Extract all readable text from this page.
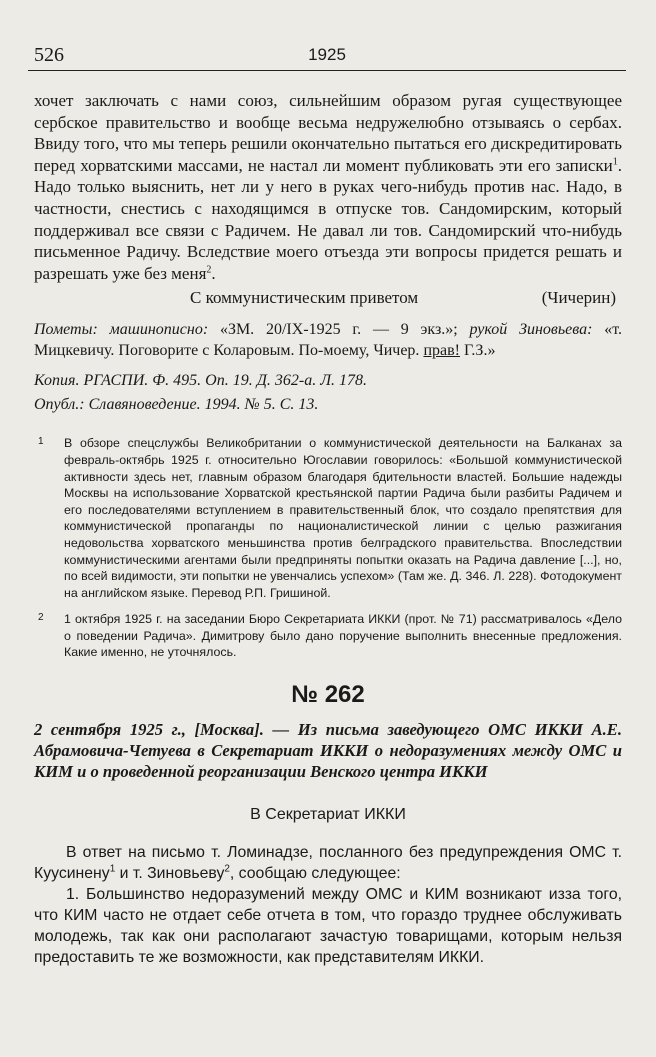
526	1925

хочет заключать с нами союз, сильнейшим образом ругая существующее сербское правительство и вообще весьма недружелюбно отзываясь о сербах. Ввиду того, что мы теперь решили окончательно пытаться его дискредитировать перед хорватскими массами, не настал ли момент публиковать эти его записки$^1$. Надо только выяснить, нет ли у него в руках чего-нибудь против нас. Надо, в частности, снестись с находящимся в отпуске тов. Сандомирским, который поддерживал все связи с Радичем. Не давал ли тов. Сандомирский что-нибудь письменное Радичу. Вследствие моего отъезда эти вопросы придется решать и разрешать уже без меня$^2$.

С коммунистическим приветом	(Чичерин)

Пометы: машинописно: «ЗМ. 20/IX-1925 г. — 9 экз.»; рукой Зиновьева: «т. Мицкевичу. Поговорите с Коларовым. По-моему, Чичер. прав! Г.З.»

Копия. РГАСПИ. Ф. 495. Оп. 19. Д. 362-а. Л. 178.

Опубл.: Славяноведение. 1994. № 5. С. 13.

1	В обзоре спецслужбы Великобритании о коммунистической деятельности на Балканах за февраль-октябрь 1925 г. относительно Югославии говорилось: «Большой коммунистической активности здесь нет, главным образом благодаря бдительности властей. Большие надежды Москвы на использование Хорватской крестьянской партии Радича были разбиты Радичем и его последователями вступлением в правительственный блок, что создало препятствия для коммунистической пропаганды по националистической линии с целью разжигания недовольства хорватского меньшинства против белградского правительства. Впоследствии коммунистическими агентами были предприняты попытки оказать на Радича давление [...], но, по всей видимости, эти попытки не увенчались успехом» (Там же. Д. 346. Л. 228). Фотодокумент на английском языке. Перевод Р.П. Гришиной.
2	1 октября 1925 г. на заседании Бюро Секретариата ИККИ (прот. № 71) рассматривалось «Дело о поведении Радича». Димитрову было дано поручение выполнить внесенные предложения. Какие именно, не уточнялось.
№ 262

2 сентября 1925 г., [Москва]. — Из письма заведующего ОМС ИККИ А.Е. Абрамовича-Четуева в Секретариат ИККИ о недоразумениях между ОМС и КИМ и о проведенной реорганизации Венского центра ИККИ

В Секретариат ИККИ

В ответ на письмо т. Ломинадзе, посланного без предупреждения ОМС т. Куусинену$^1$ и т. Зиновьеву$^2$, сообщаю следующее:

1. Большинство недоразумений между ОМС и КИМ возникают изза того, что КИМ часто не отдает себе отчета в том, что гораздо труднее обслуживать молодежь, так как они располагают зачастую товарищами, которым нельзя предоставить те же возможности, как представителям ИККИ.
